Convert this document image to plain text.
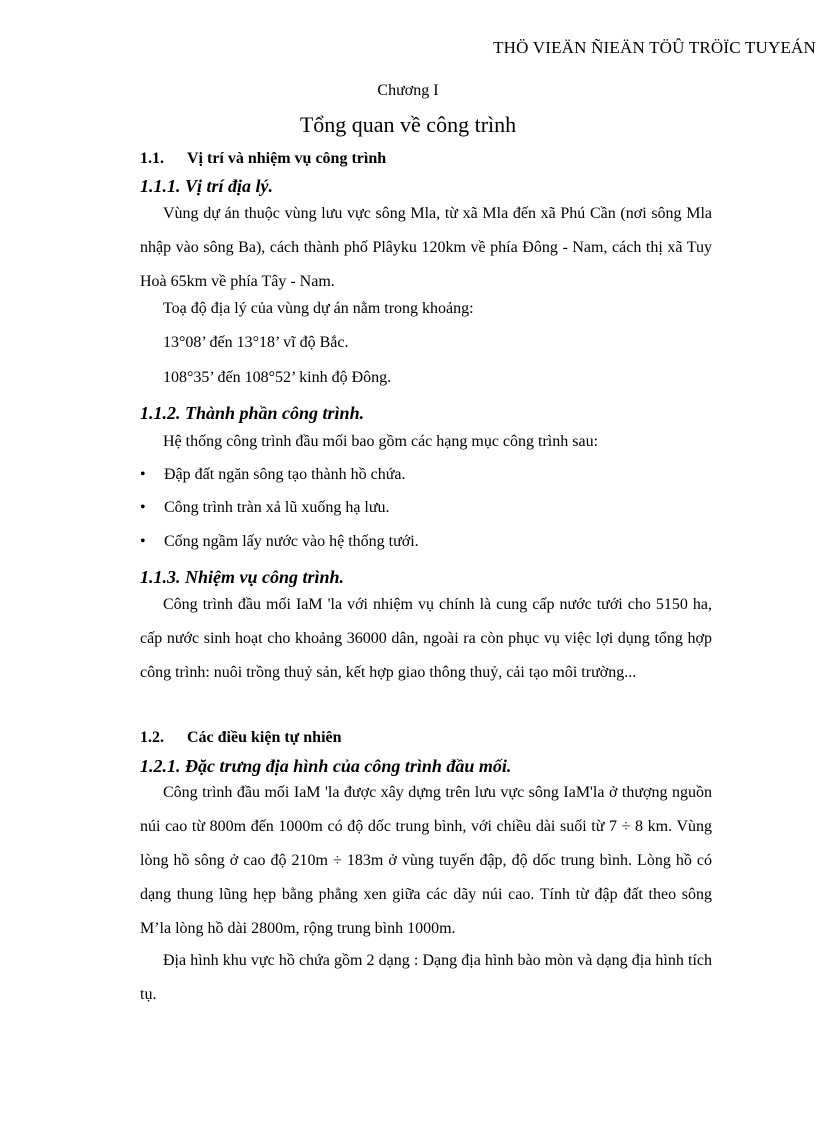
THÖ VIEÄN ÑIEÄN TÖÛ TRÖÏC TUYEÁN
Chương I
Tổng quan về công trình
1.1. Vị trí và nhiệm vụ công trình
1.1.1. Vị trí địa lý.

Vùng dự án thuộc vùng lưu vực sông Mla, từ xã Mla đến xã Phú Cần (nơi sông Mla nhập vào sông Ba), cách thành phố Plâyku 120km về phía Đông - Nam, cách thị xã Tuy Hoà 65km về phía Tây - Nam.

Toạ độ địa lý của vùng dự án nằm trong khoảng:
13°08’ đến 13°18’ vĩ độ Bắc.
108°35’ đến 108°52’ kinh độ Đông.
1.1.2. Thành phần công trình.
Hệ thống công trình đầu mối bao gồm các hạng mục công trình sau:
• Đập đất ngăn sông tạo thành hồ chứa.
• Công trình tràn xả lũ xuống hạ lưu.
• Cống ngầm lấy nước vào hệ thống tưới.
1.1.3. Nhiệm vụ công trình.

Công trình đầu mối IaM 'la với nhiệm vụ chính là cung cấp nước tưới cho 5150 ha, cấp nước sinh hoạt cho khoảng 36000 dân, ngoài ra còn phục vụ việc lợi dụng tổng hợp công trình: nuôi trồng thuỷ sản, kết hợp giao thông thuỷ, cải tạo môi trường...

1.2. Các điều kiện tự nhiên
1.2.1. Đặc trưng địa hình của công trình đầu mối.

Công trình đầu mối IaM 'la được xây dựng trên lưu vực sông IaM'la ở thượng nguồn núi cao từ 800m đến 1000m có độ dốc trung bình, với chiều dài suối từ 7 ÷ 8 km. Vùng lòng hồ sông ở cao độ 210m ÷ 183m ở vùng tuyến đập, độ dốc trung bình. Lòng hồ có dạng thung lũng hẹp bằng phẳng xen giữa các dãy núi cao. Tính từ đập đất theo sông M’la lòng hồ dài 2800m, rộng trung bình 1000m.

Địa hình khu vực hồ chứa gồm 2 dạng : Dạng địa hình bào mòn và dạng địa hình tích tụ.
